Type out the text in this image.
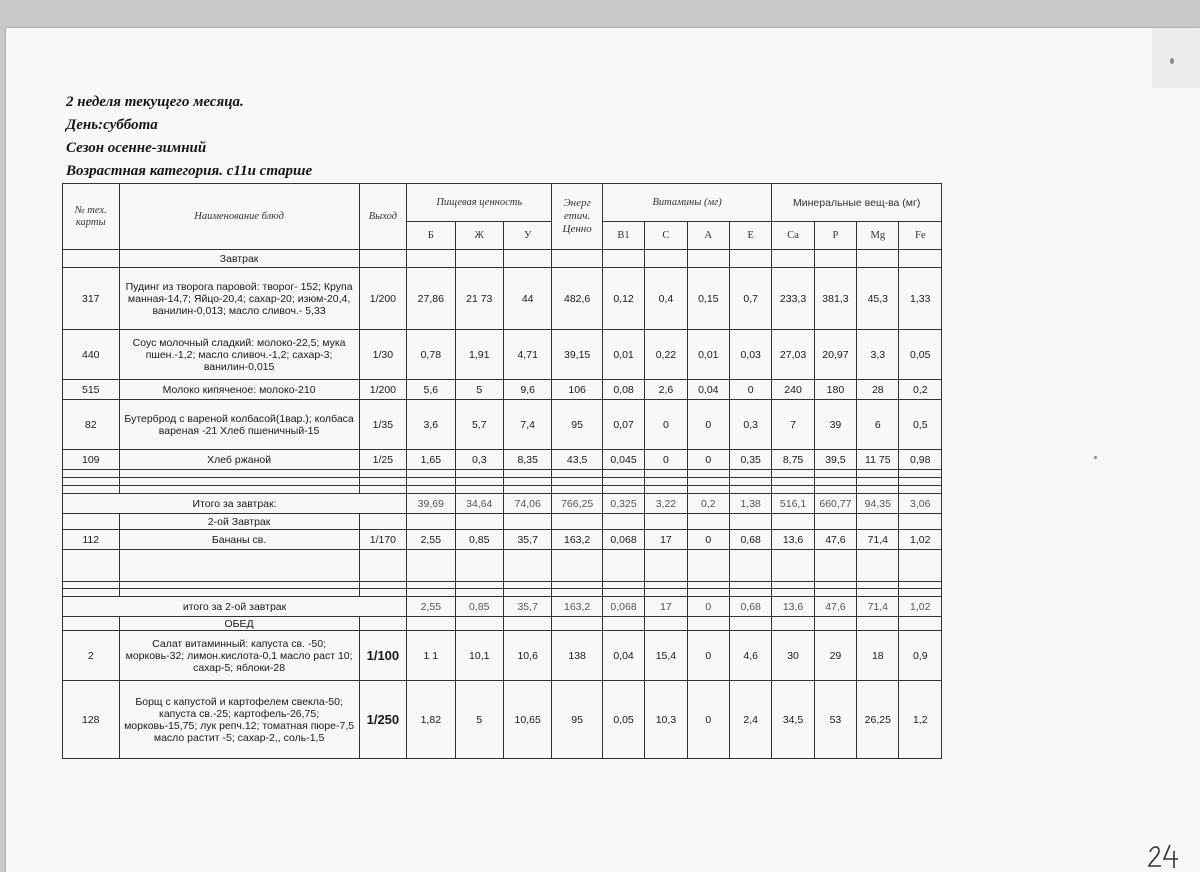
2 неделя текущего месяца.
День:суббота
Сезон осенне-зимний
Возрастная категория. с11и старше
№ тех. карты	Наименование блюд	Выход	Пищевая ценность			Энерг етич. Ценно	Витамины (мг)				Минеральные вещ-ва (мг)			
			Б	Ж	У		B1	C	A	E	Ca	P	Mg	Fe
	Завтрак													
317	Пудинг из творога паровой: творог- 152; Крупа манная-14,7; Яйцо-20,4; сахар-20; изюм-20,4, ванилин-0,013; масло сливоч.- 5,33	1/200	27,86	21 73	44	482,6	0,12	0,4	0,15	0,7	233,3	381,3	45,3	1,33
440	Соус молочный сладкий: молоко-22,5; мука пшен.-1,2; масло сливоч.-1,2; сахар-3; ванилин-0,015	1/30	0,78	1,91	4,71	39,15	0,01	0,22	0,01	0,03	27,03	20,97	3,3	0,05
515	Молоко кипяченое: молоко-210	1/200	5,6	5	9,6	106	0,08	2,6	0,04	0	240	180	28	0,2
82	Бутерброд с вареной колбасой(1вар.); колбаса вареная -21 Хлеб пшеничный-15	1/35	3,6	5,7	7,4	95	0,07	0	0	0,3	7	39	6	0,5
109	Хлеб ржаной	1/25	1,65	0,3	8,35	43,5	0,045	0	0	0,35	8,75	39,5	11 75	0,98

Итого за завтрак:			39,69	34,64	74,06	766,25	0,325	3,22	0,2	1,38	516,1	660,77	94,35	3,06
	2-ой Завтрак													
112	Бананы св.	1/170	2,55	0,85	35,7	163,2	0,068	17	0	0,68	13,6	47,6	71,4	1,02

итого за 2-ой завтрак			2,55	0,85	35,7	163,2	0,068	17	0	0,68	13,6	47,6	71,4	1,02
	ОБЕД													
2	Салат витаминный: капуста св. -50; морковь-32; лимон.кислота-0,1 масло раст 10; сахар-5; яблоки-28	1/100	1 1	10,1	10,6	138	0,04	15,4	0	4,6	30	29	18	0,9
128	Борщ с капустой и картофелем свекла-50; капуста св.-25; картофель-26,75; морковь-15,75; лук репч.12; томатная пюре-7,5 масло растит -5; сахар-2,, соль-1,5	1/250	1,82	5	10,65	95	0,05	10,3	0	2,4	34,5	53	26,25	1,2
